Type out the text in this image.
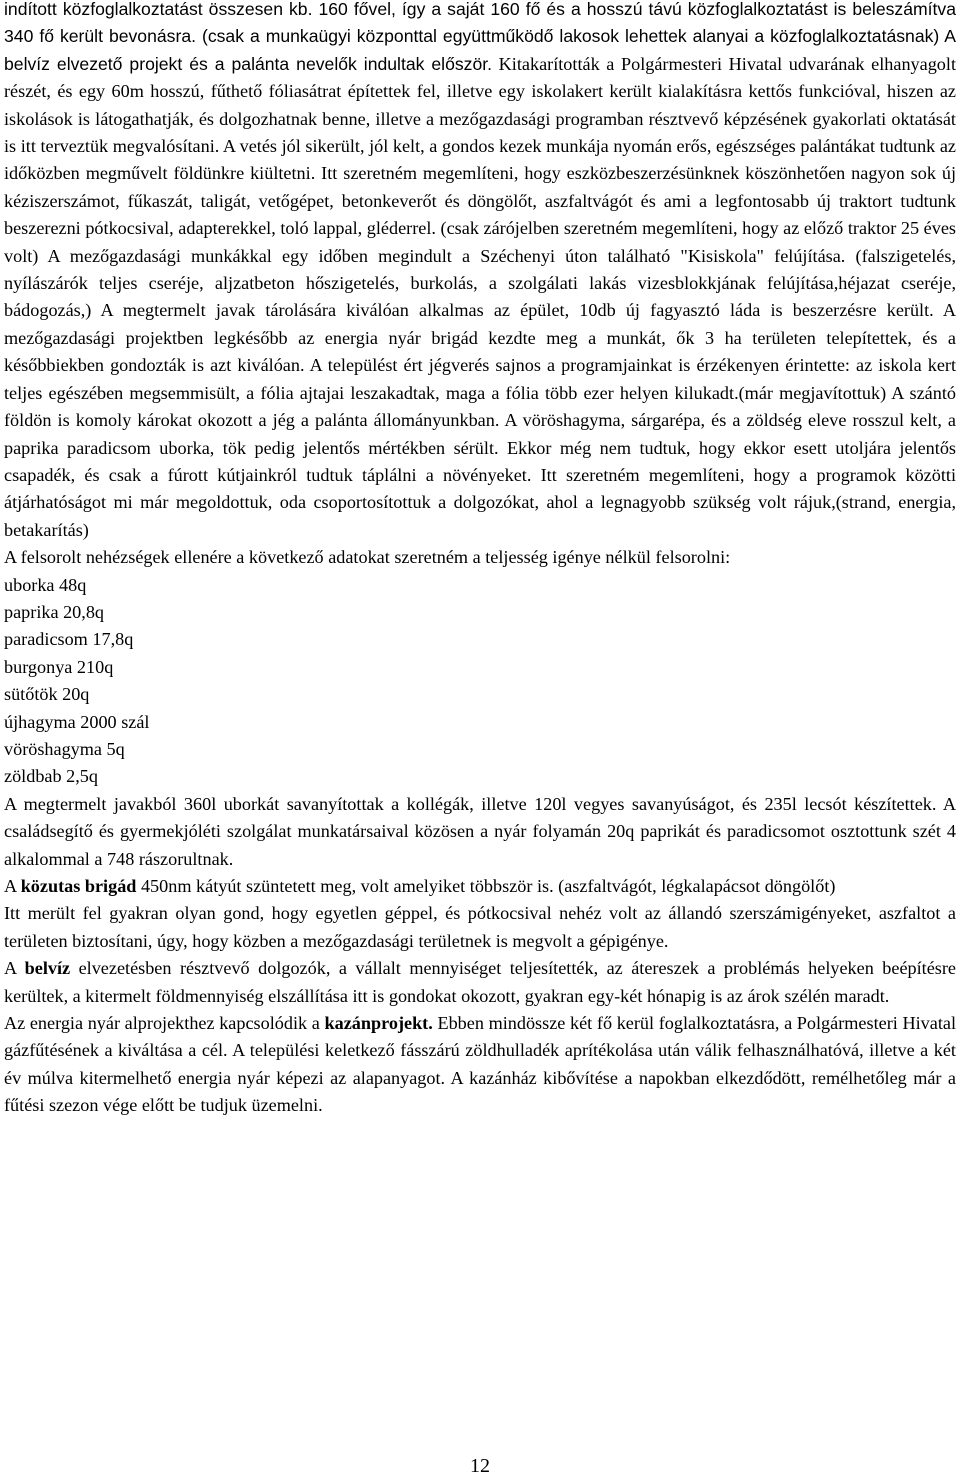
indított közfoglalkoztatást összesen kb. 160 fővel, így a saját 160 fő és a hosszú távú közfoglalkoztatást is beleszámítva 340 fő került bevonásra. (csak a munkaügyi központtal együttműködő lakosok lehettek alanyai a közfoglalkoztatásnak) A belvíz elvezető projekt és a palánta nevelők indultak először. Kitakarították a Polgármesteri Hivatal udvarának elhanyagolt részét, és egy 60m hosszú, fűthető fóliasátrat építettek fel, illetve egy iskolakert került kialakításra kettős funkcióval, hiszen az iskolások is látogathatják, és dolgozhatnak benne, illetve a mezőgazdasági programban résztvevő képzésének gyakorlati oktatását is itt terveztük megvalósítani. A vetés jól sikerült, jól kelt, a gondos kezek munkája nyomán erős, egészséges palántákat tudtunk az időközben megművelt földünkre kiültetni. Itt szeretném megemlíteni, hogy eszközbeszerzésünknek köszönhetően nagyon sok új kéziszerszámot, fűkaszát, taligát, vetőgépet, betonkeverőt és döngölőt, aszfaltvágót és ami a legfontosabb új traktort tudtunk beszerezni pótkocsival, adapterekkel, toló lappal, gléderrel. (csak zárójelben szeretném megemlíteni, hogy az előző traktor 25 éves volt) A mezőgazdasági munkákkal egy időben megindult a Széchenyi úton található "Kisiskola" felújítása. (falszigetelés, nyílászárók teljes cseréje, aljzatbeton hőszigetelés, burkolás, a szolgálati lakás vizesblokkjának felújítása,héjazat cseréje, bádogozás,) A megtermelt javak tárolására kiválóan alkalmas az épület, 10db új fagyasztó láda is beszerzésre került. A mezőgazdasági projektben legkésőbb az energia nyár brigád kezdte meg a munkát, ők 3 ha területen telepítettek, és a későbbiekben gondozták is azt kiválóan. A települést ért jégverés sajnos a programjainkat is érzékenyen érintette: az iskola kert teljes egészében megsemmisült, a fólia ajtajai leszakadtak, maga a fólia több ezer helyen kilukadt.(már megjavítottuk) A szántó földön is komoly károkat okozott a jég a palánta állományunkban. A vöröshagyma, sárgarépa, és a zöldség eleve rosszul kelt, a paprika paradicsom uborka, tök pedig jelentős mértékben sérült. Ekkor még nem tudtuk, hogy ekkor esett utoljára jelentős csapadék, és csak a fúrott kútjainkról tudtuk táplálni a növényeket. Itt szeretném megemlíteni, hogy a programok közötti átjárhatóságot mi már megoldottuk, oda csoportosítottuk a dolgozókat, ahol a legnagyobb szükség volt rájuk,(strand, energia, betakarítás)

A felsorolt nehézségek ellenére a következő adatokat szeretném a teljesség igénye nélkül felsorolni:

uborka 48q

paprika 20,8q

paradicsom 17,8q

burgonya 210q

sütőtök 20q

újhagyma 2000 szál

vöröshagyma 5q

zöldbab 2,5q

A megtermelt javakból 360l uborkát savanyítottak a kollégák, illetve 120l vegyes savanyúságot, és 235l lecsót készítettek. A családsegítő és gyermekjóléti szolgálat munkatársaival közösen a nyár folyamán 20q paprikát és paradicsomot osztottunk szét 4 alkalommal a 748 rászorultnak.

A közutas brigád 450nm kátyút szüntetett meg, volt amelyiket többször is. (aszfaltvágót, légkalapácsot döngölőt)

Itt merült fel gyakran olyan gond, hogy egyetlen géppel, és pótkocsival nehéz volt az állandó szerszámigényeket, aszfaltot a területen biztosítani, úgy, hogy közben a mezőgazdasági területnek is megvolt a gépigénye.

A belvíz elvezetésben résztvevő dolgozók, a vállalt mennyiséget teljesítették, az átereszek a problémás helyeken beépítésre kerültek, a kitermelt földmennyiség elszállítása itt is gondokat okozott, gyakran egy-két hónapig is az árok szélén maradt.

Az energia nyár alprojekthez kapcsolódik a kazánprojekt. Ebben mindössze két fő kerül foglalkoztatásra, a Polgármesteri Hivatal gázfűtésének a kiváltása a cél. A települési keletkező fásszárú zöldhulladék aprítékolása után válik felhasználhatóvá, illetve a két év múlva kitermelhető energia nyár képezi az alapanyagot. A kazánház kibővítése a napokban elkezdődött, remélhetőleg már a fűtési szezon vége előtt be tudjuk üzemelni.

12
